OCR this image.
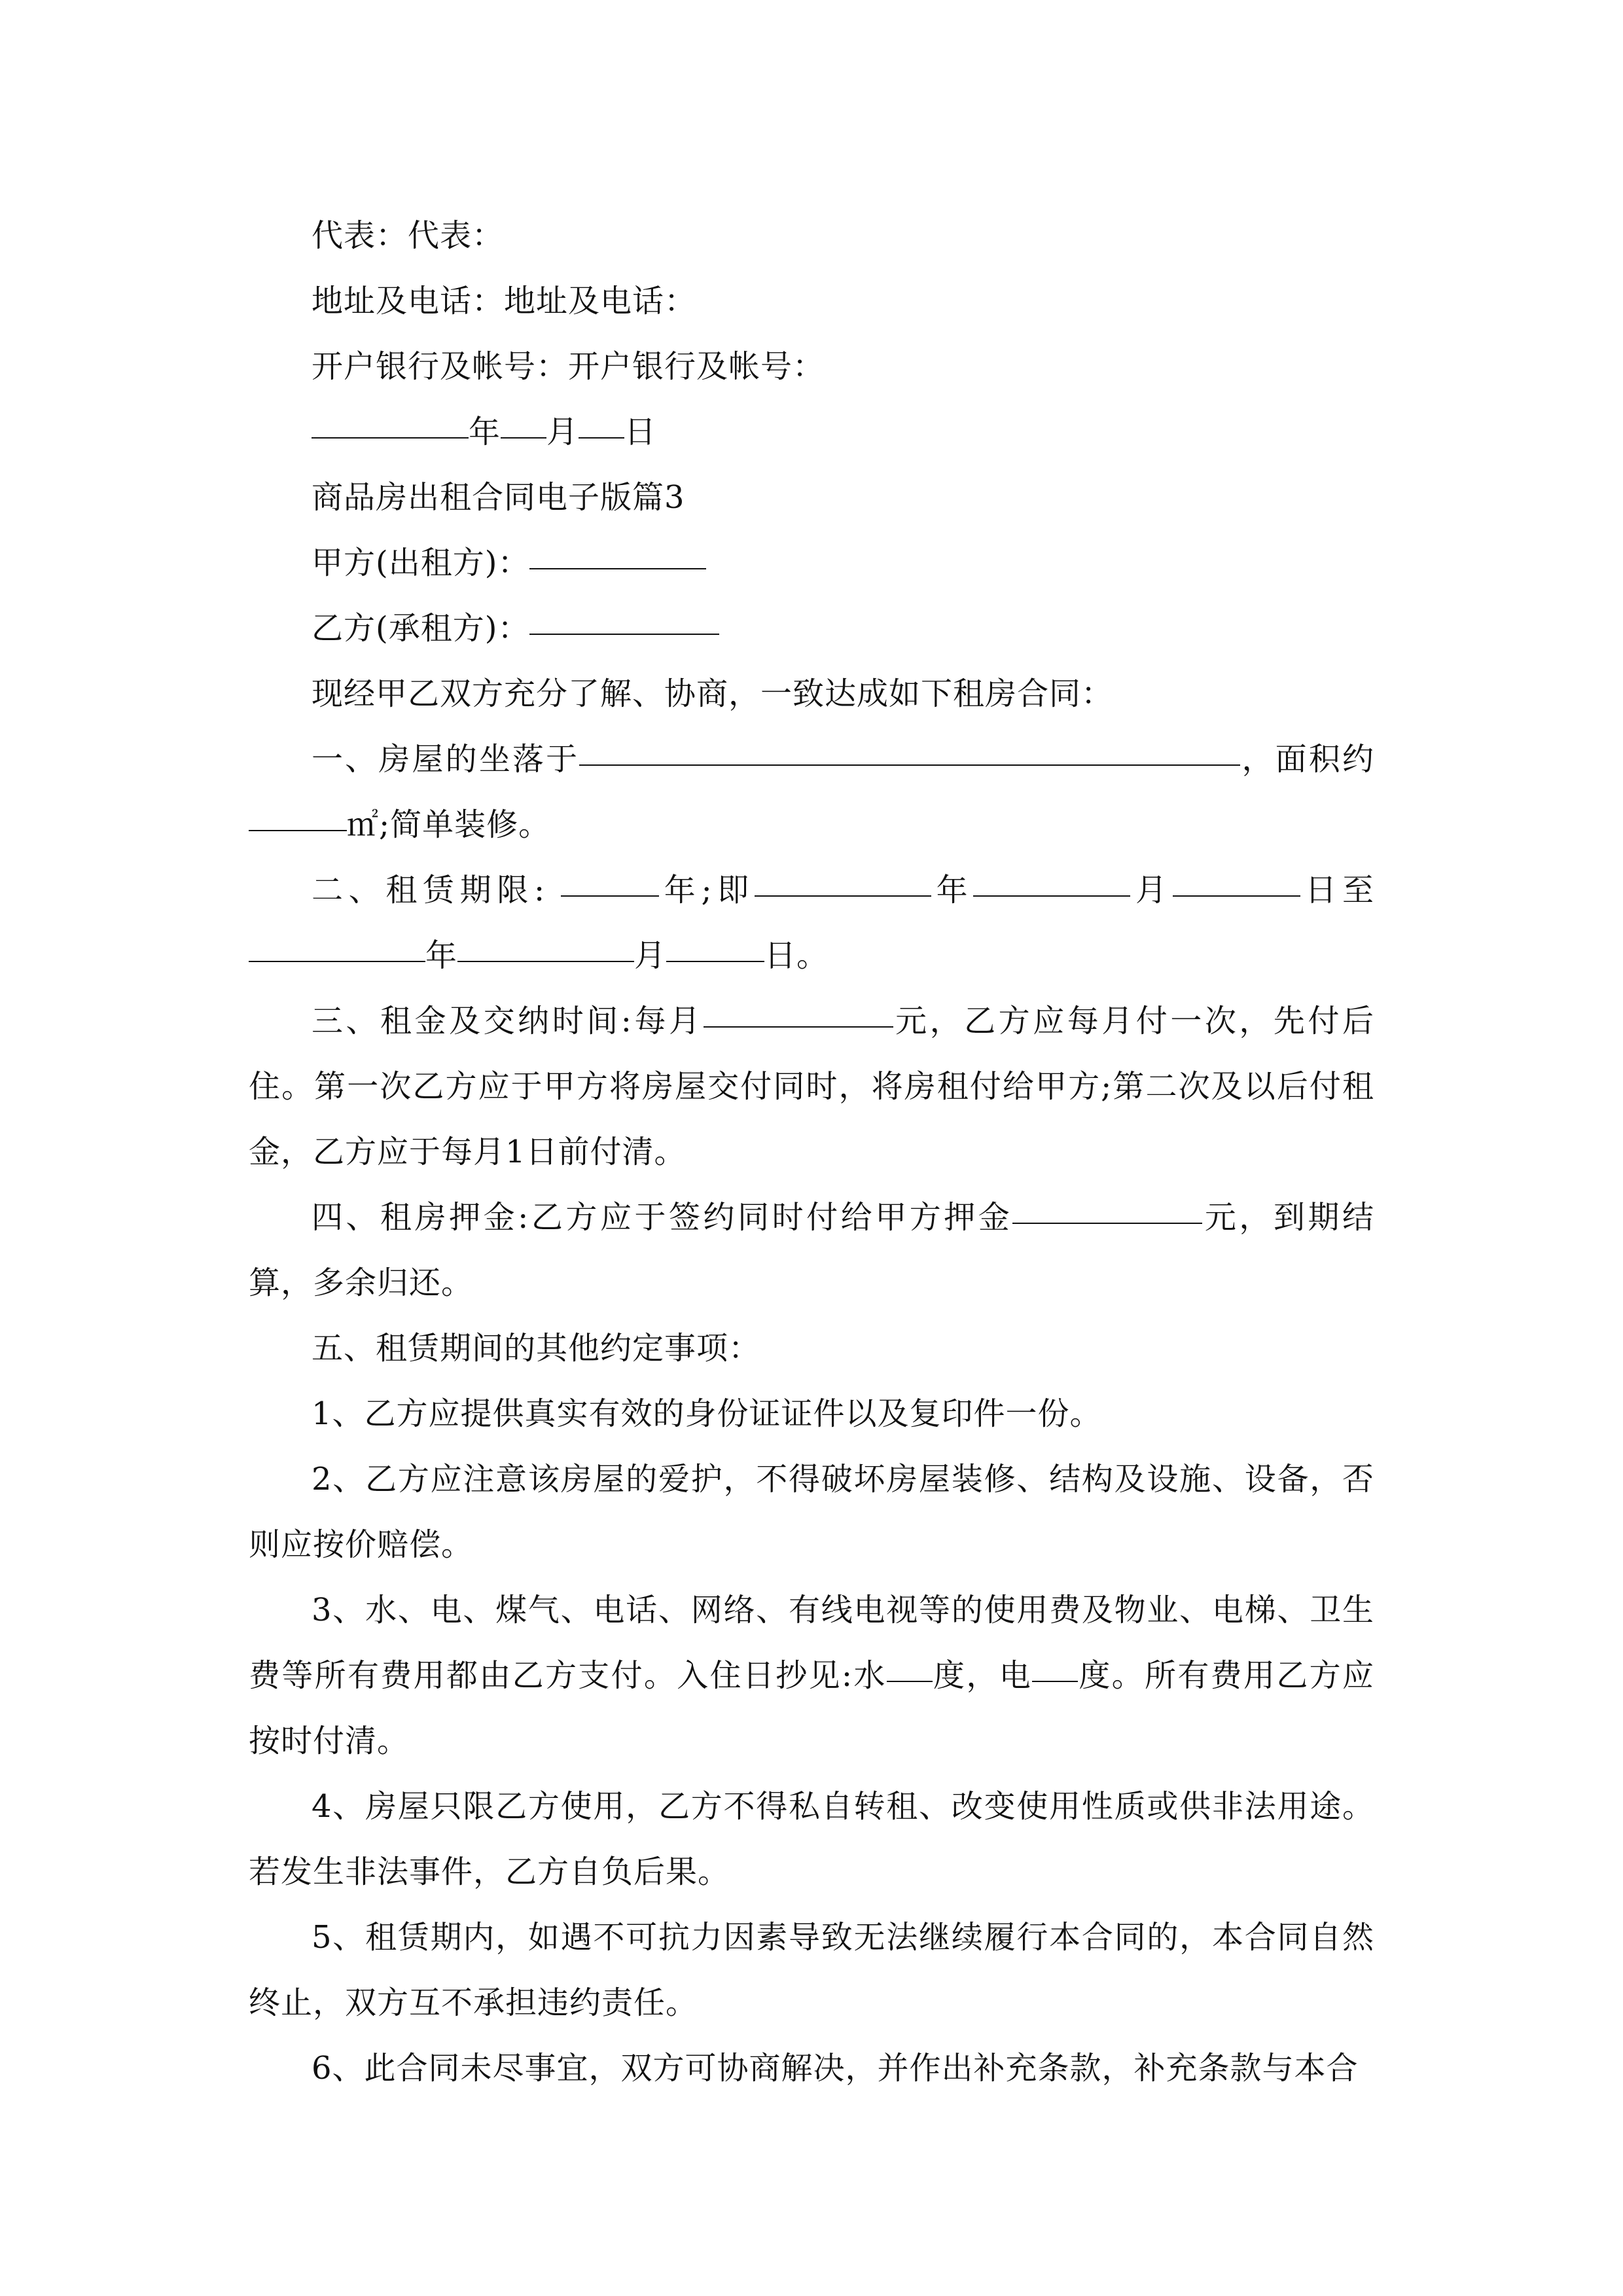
代表：代表：

地址及电话：地址及电话：

开户银行及帐号：开户银行及帐号：

年 月 日

商品房出租合同电子版篇3

甲方(出租方)：

乙方(承租方)：

现经甲乙双方充分了解、协商，一致达成如下租房合同：

一、房屋的坐落于	，面积约㎡;简单装修。

二、租赁期限:	年;即	年	月	日至年	月	日。

三、租金及交纳时间:每月	元，乙方应每月付一次，先付后住。第一次乙方应于甲方将房屋交付同时，将房租付给甲方;第二次及以后付租金，乙方应于每月1日前付清。

四、租房押金:乙方应于签约同时付给甲方押金	元，到期结算，多余归还。

五、租赁期间的其他约定事项：

1、乙方应提供真实有效的身份证证件以及复印件一份。

2、乙方应注意该房屋的爱护，不得破坏房屋装修、结构及设施、设备，否则应按价赔偿。

3、水、电、煤气、电话、网络、有线电视等的使用费及物业、电梯、卫生费等所有费用都由乙方支付。入住日抄见:水 度，电 度。所有费用乙方应按时付清。

4、房屋只限乙方使用，乙方不得私自转租、改变使用性质或供非法用途。若发生非法事件，乙方自负后果。

5、租赁期内，如遇不可抗力因素导致无法继续履行本合同的，本合同自然终止，双方互不承担违约责任。

6、此合同未尽事宜，双方可协商解决，并作出补充条款，补充条款与本合
